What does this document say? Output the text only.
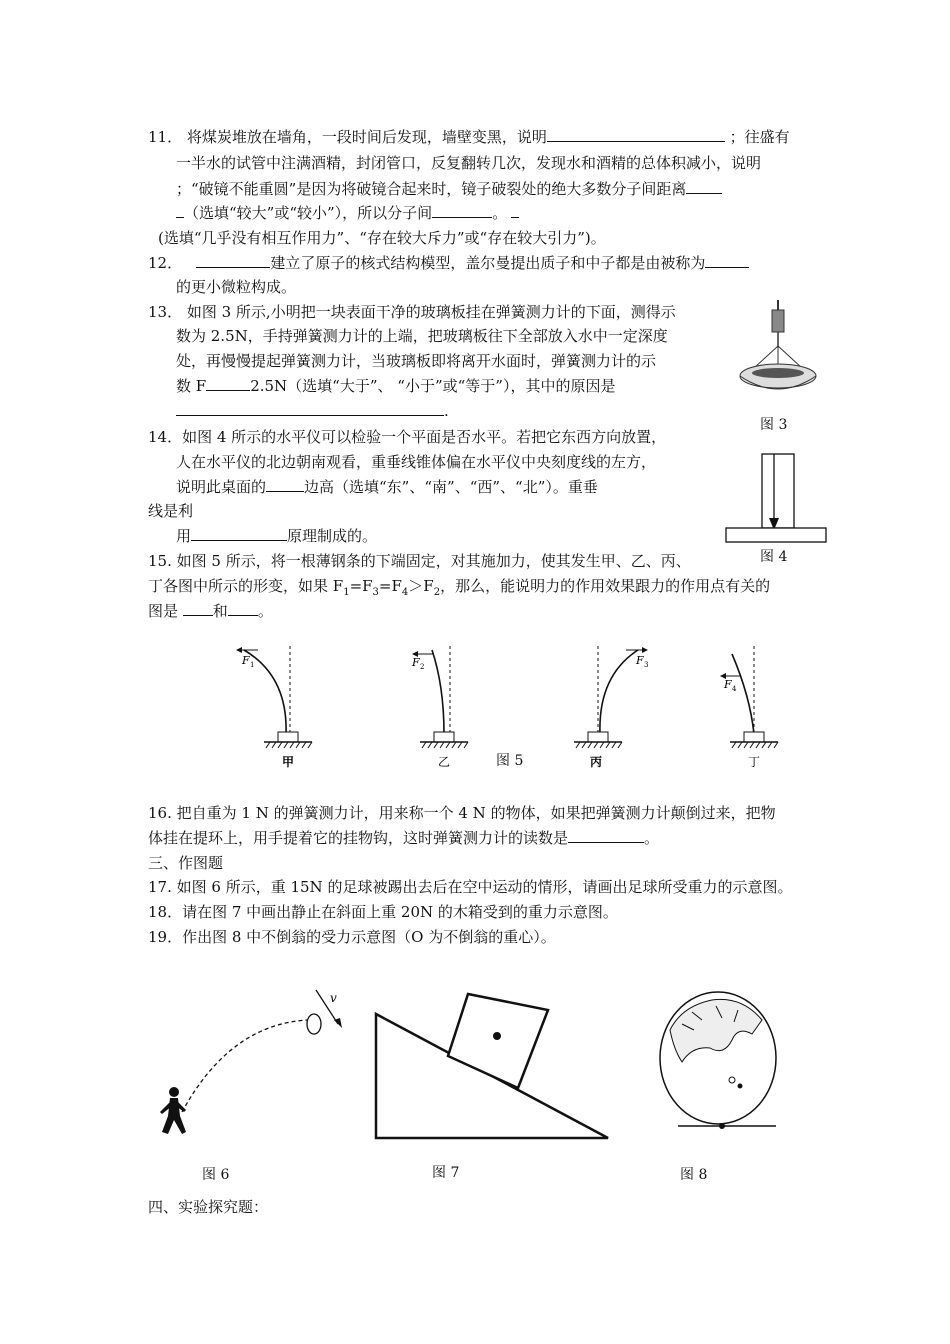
11． 将煤炭堆放在墙角，一段时间后发现，墙壁变黑，说明	；往盛有
一半水的试管中注满酒精，封闭管口，反复翻转几次，发现水和酒精的总体积减小，说明
；“破镜不能重圆”是因为将破镜合起来时，镜子破裂处的绝大多数分子间距离
（选填“较大”或“较小”），所以分子间	。
(选填“几乎没有相互作用力”、“存在较大斥力”或“存在较大引力”)。
12．	建立了原子的核式结构模型，盖尔曼提出质子和中子都是由被称为
的更小微粒构成。
13． 如图 3 所示,小明把一块表面干净的玻璃板挂在弹簧测力计的下面，测得示
数为 2.5N，手持弹簧测力计的上端，把玻璃板往下全部放入水中一定深度
处，再慢慢提起弹簧测力计，当玻璃板即将离开水面时，弹簧测力计的示
数 F	2.5N（选填“大于”、 “小于”或“等于”），其中的原因是
.
图 3
14．如图 4 所示的水平仪可以检验一个平面是否水平。若把它东西方向放置，
人在水平仪的北边朝南观看，重垂线锥体偏在水平仪中央刻度线的左方，
说明此桌面的	边高（选填“东”、“南”、“西”、“北”）。重垂
线是利
用	原理制成的。
图 4
15. 如图 5 所示，将一根薄钢条的下端固定，对其施加力，使其发生甲、乙、丙、
丁各图中所示的形变，如果 $F_1=F_3=F_4>F_2$，那么，能说明力的作用效果跟力的作用点有关的
图是 和 。
F 1
甲
F 2
乙
F 3
丙
F 4
丁
图 5
16. 把自重为 1 N 的弹簧测力计，用来称一个 4 N 的物体，如果把弹簧测力计颠倒过来，把物
体挂在提环上，用手提着它的挂物钩，这时弹簧测力计的读数是	。
三、作图题
17. 如图 6 所示，重 15N 的足球被踢出去后在空中运动的情形，请画出足球所受重力的示意图。
18．请在图 7 中画出静止在斜面上重 20N 的木箱受到的重力示意图。
19．作出图 8 中不倒翁的受力示意图（O 为不倒翁的重心）。
v
图 6	图 7	图 8
四、实验探究题：
